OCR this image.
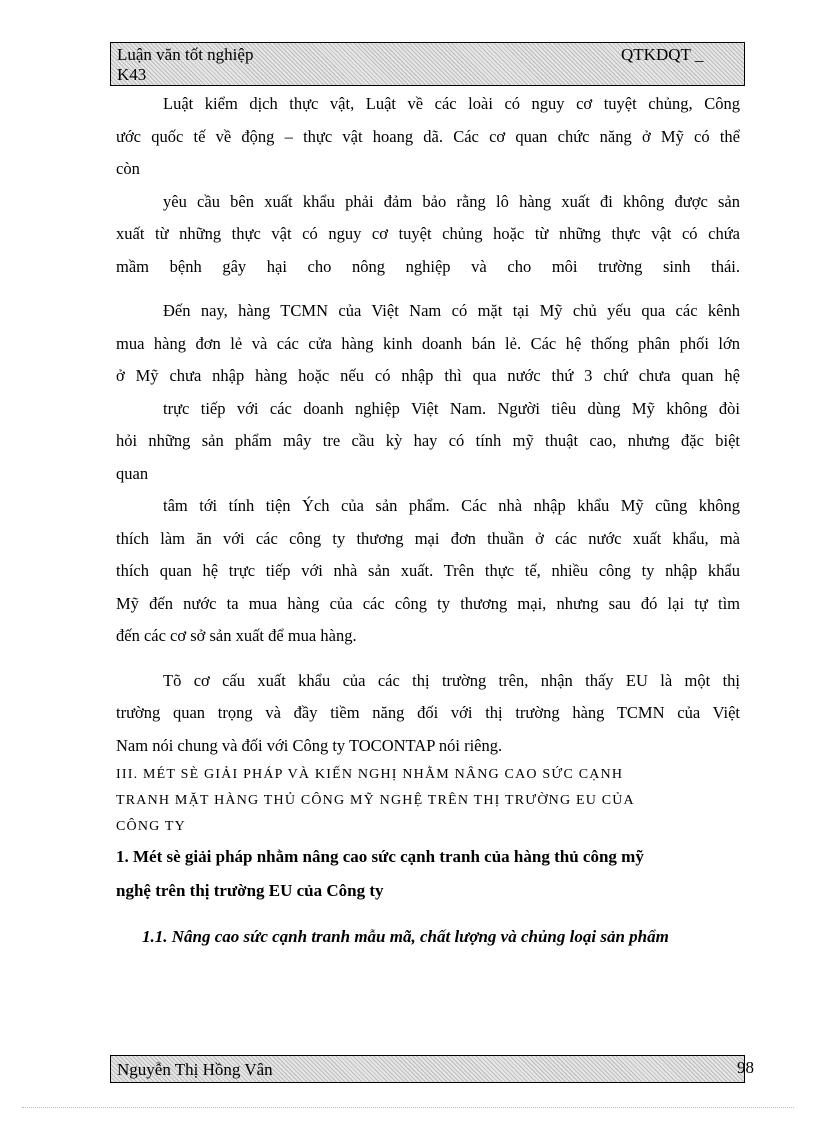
Luận văn tốt nghiệp	QTKDQT _
K43
Luật kiểm dịch thực vật, Luật về các loài có nguy cơ tuyệt chủng, Công
ước quốc tế về động – thực vật hoang dã. Các cơ quan chức năng ở Mỹ có thể
còn
yêu cầu bên xuất khẩu phải đảm bảo rằng lô hàng xuất đi không được sản
xuất từ những thực vật có nguy cơ tuyệt chủng hoặc từ những thực vật có chứa
mầm bệnh gây hại cho nông nghiệp và cho môi trường sinh thái.
Đến nay, hàng TCMN của Việt Nam có mặt tại Mỹ chủ yếu qua các kênh
mua hàng đơn lẻ và các cửa hàng kinh doanh bán lẻ. Các hệ thống phân phối lớn
ở Mỹ chưa nhập hàng hoặc nếu có nhập thì qua nước thứ 3 chứ chưa quan hệ
trực tiếp với các doanh nghiệp Việt Nam. Người tiêu dùng Mỹ không đòi
hỏi những sản phẩm mây tre cầu kỳ hay có tính mỹ thuật cao, nhưng đặc biệt
quan
tâm tới tính tiện Ých của sản phẩm. Các nhà nhập khẩu Mỹ cũng không
thích làm ăn với các công ty thương mại đơn thuần ở các nước xuất khẩu, mà
thích quan hệ trực tiếp với nhà sản xuất. Trên thực tế, nhiều công ty nhập khẩu
Mỹ đến nước ta mua hàng của các công ty thương mại, nhưng sau đó lại tự tìm
đến các cơ sở sản xuất để mua hàng.
Tõ cơ cấu xuất khẩu của các thị trường trên, nhận thấy EU là một thị
trường quan trọng và đầy tiềm năng đối với thị trường hàng TCMN của Việt
Nam nói chung và đối với Công ty TOCONTAP nói riêng.
III. MÉT SÈ GIẢI PHÁP VÀ KIẾN NGHỊ NHẰM NÂNG CAO SỨC CẠNH
TRANH MẶT HÀNG THỦ CÔNG MỸ NGHỆ TRÊN THỊ TRƯỜNG EU CỦA
CÔNG TY
1. Mét sè giải pháp nhằm nâng cao sức cạnh tranh của hàng thủ công mỹ
nghệ trên thị trường EU của Công ty
1.1. Nâng cao sức cạnh tranh mẫu mã, chất lượng và chủng loại sản phẩm
Nguyễn Thị Hồng Vân	98
